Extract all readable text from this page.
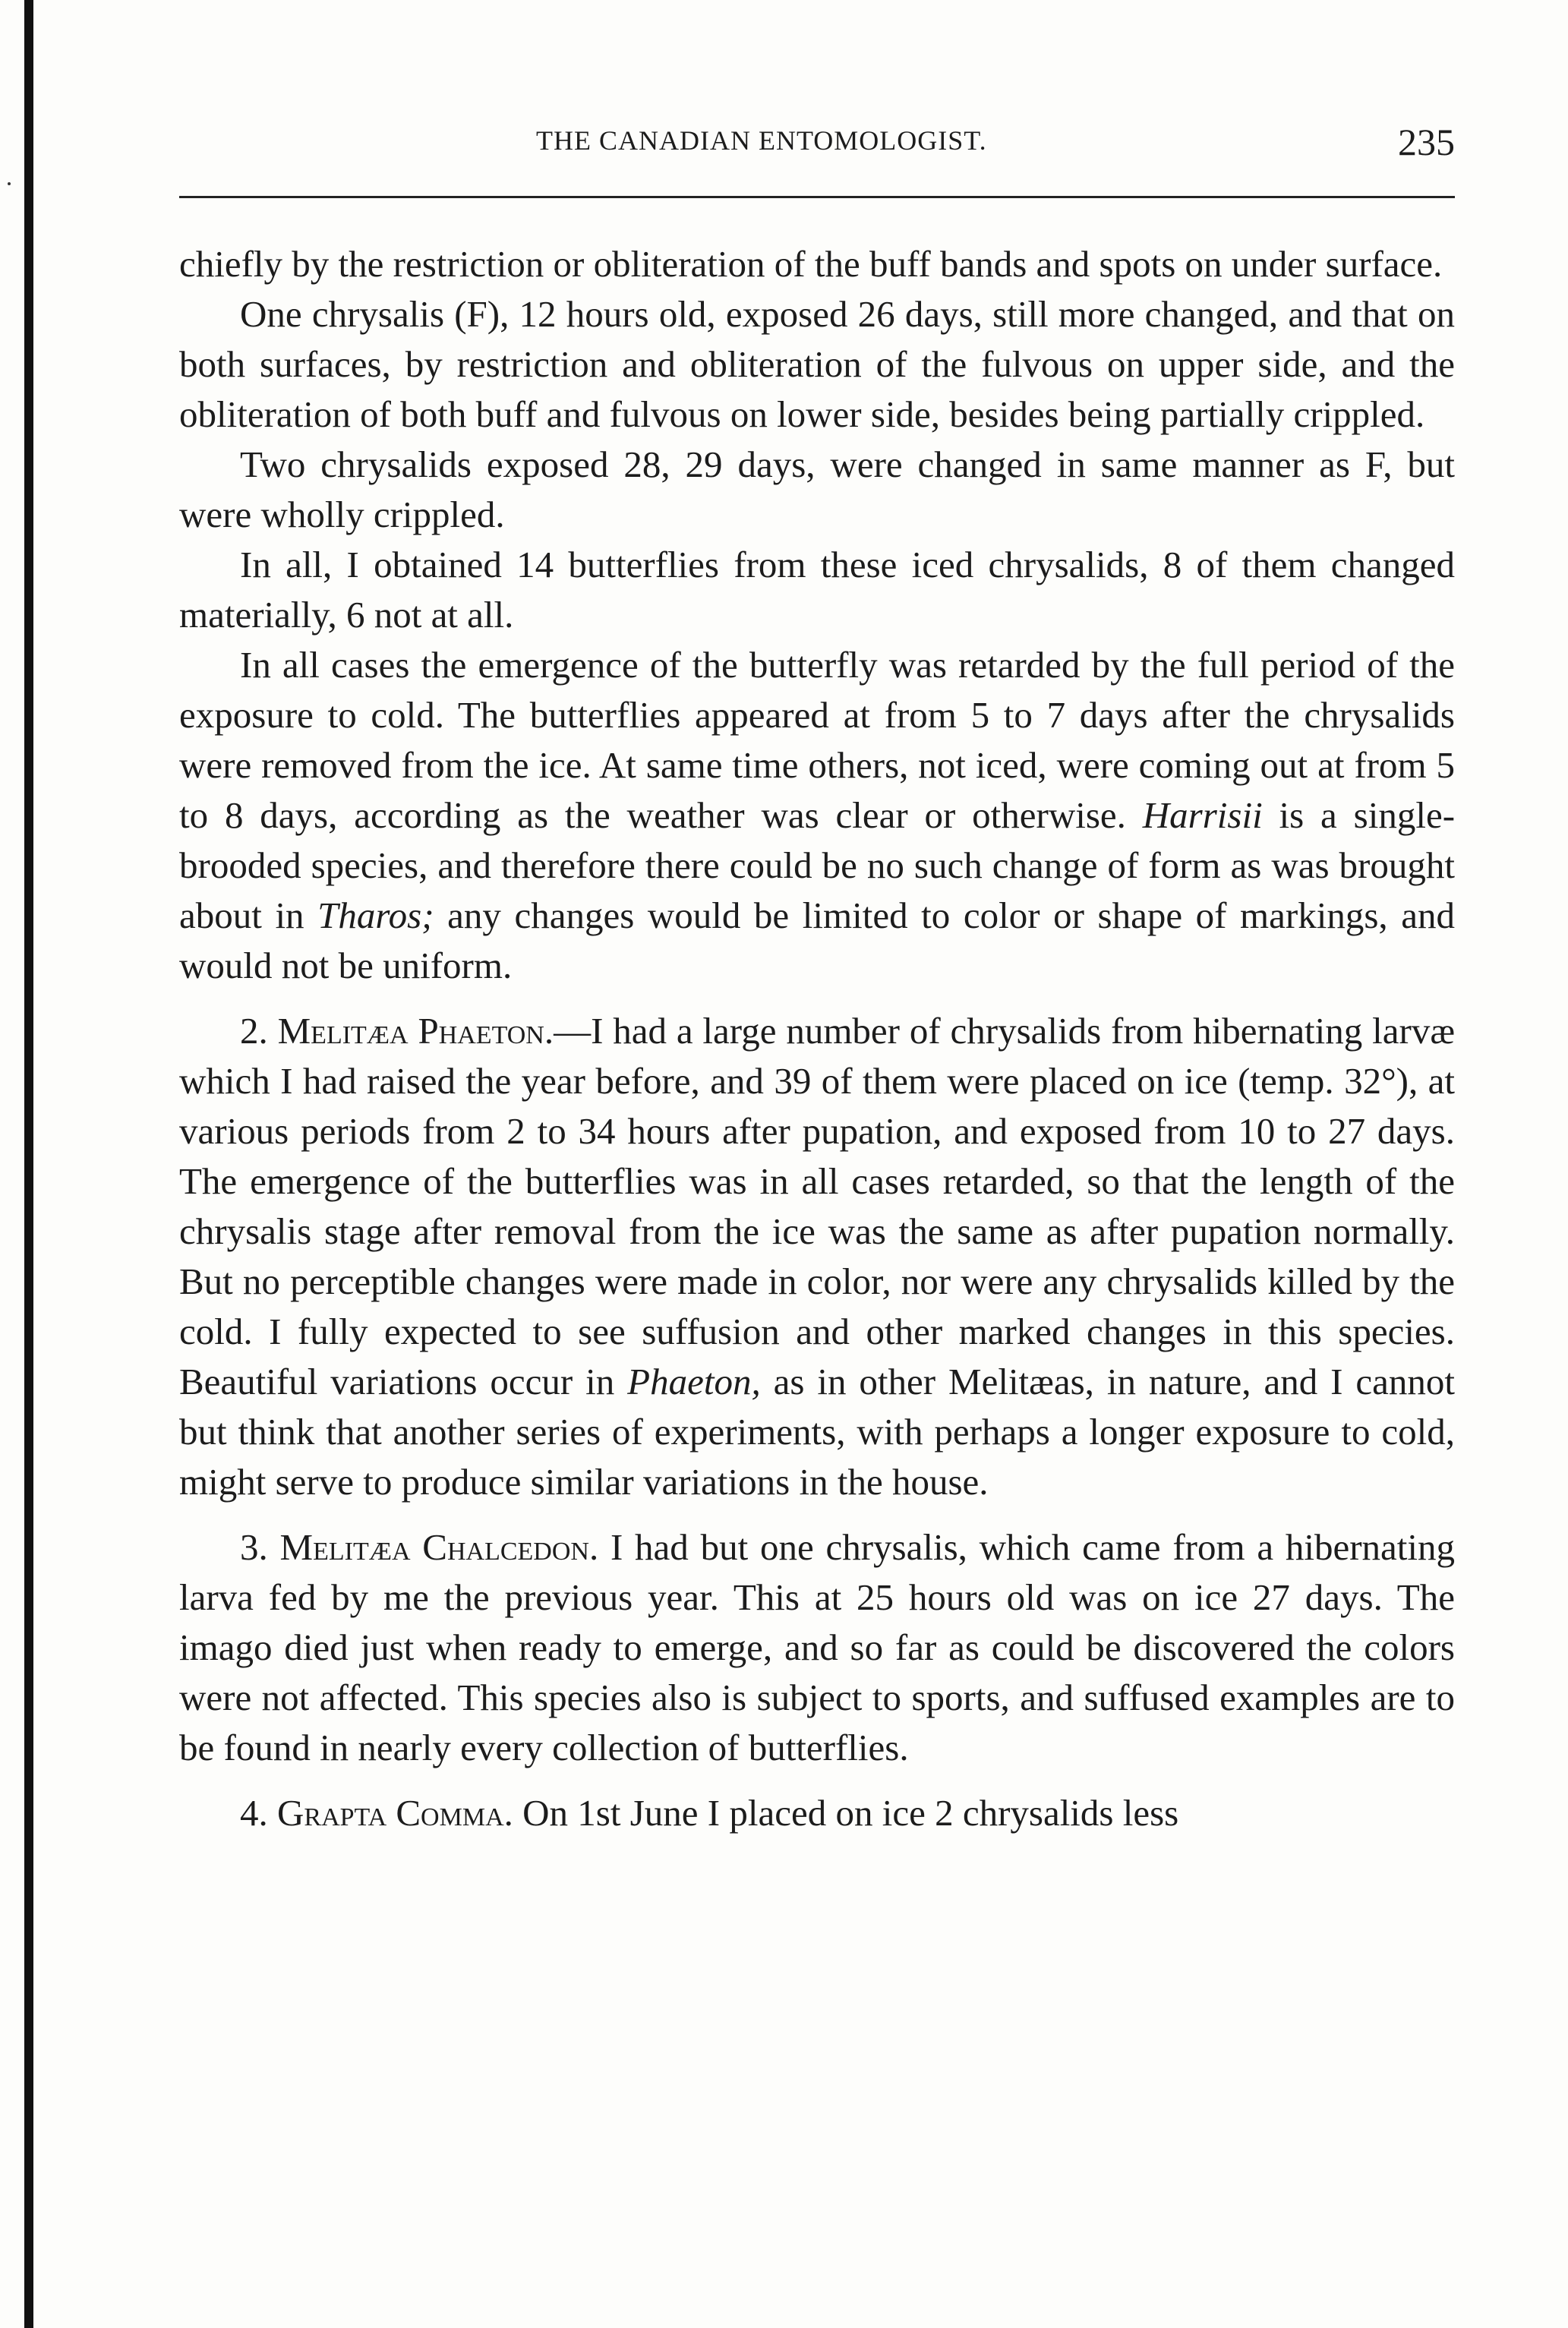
THE CANADIAN ENTOMOLOGIST.	235

chiefly by the restriction or obliteration of the buff bands and spots on under surface.

One chrysalis (F), 12 hours old, exposed 26 days, still more changed, and that on both surfaces, by restriction and obliteration of the fulvous on upper side, and the obliteration of both buff and fulvous on lower side, besides being partially crippled.

Two chrysalids exposed 28, 29 days, were changed in same manner as F, but were wholly crippled.

In all, I obtained 14 butterflies from these iced chrysalids, 8 of them changed materially, 6 not at all.

In all cases the emergence of the butterfly was retarded by the full period of the exposure to cold. The butterflies appeared at from 5 to 7 days after the chrysalids were removed from the ice. At same time others, not iced, were coming out at from 5 to 8 days, according as the weather was clear or otherwise. Harrisii is a single-brooded species, and therefore there could be no such change of form as was brought about in Tharos; any changes would be limited to color or shape of markings, and would not be uniform.

2. Melitæa Phaeton.—I had a large number of chrysalids from hibernating larvæ which I had raised the year before, and 39 of them were placed on ice (temp. 32°), at various periods from 2 to 34 hours after pupation, and exposed from 10 to 27 days. The emergence of the butterflies was in all cases retarded, so that the length of the chrysalis stage after removal from the ice was the same as after pupation normally. But no perceptible changes were made in color, nor were any chrysalids killed by the cold. I fully expected to see suffusion and other marked changes in this species. Beautiful variations occur in Phaeton, as in other Melitæas, in nature, and I cannot but think that another series of experiments, with perhaps a longer exposure to cold, might serve to produce similar variations in the house.

3. Melitæa Chalcedon. I had but one chrysalis, which came from a hibernating larva fed by me the previous year. This at 25 hours old was on ice 27 days. The imago died just when ready to emerge, and so far as could be discovered the colors were not affected. This species also is subject to sports, and suffused examples are to be found in nearly every collection of butterflies.

4. Grapta Comma. On 1st June I placed on ice 2 chrysalids less
